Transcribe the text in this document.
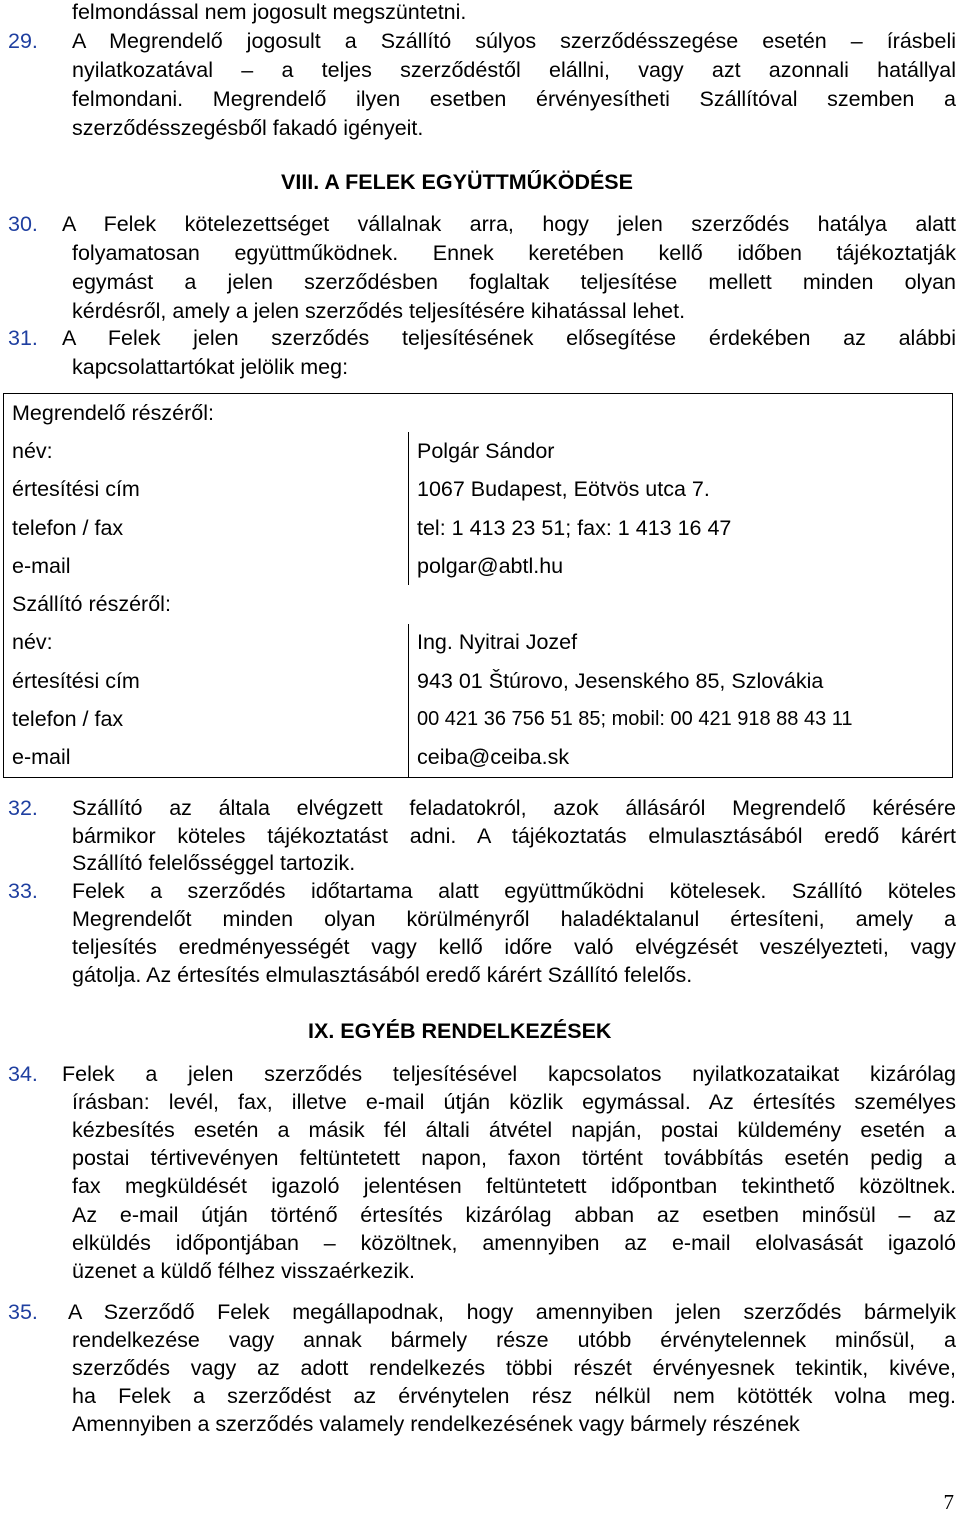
felmondással nem jogosult megszüntetni.
29. A Megrendelő jogosult a Szállító súlyos szerződésszegése esetén – írásbeli
nyilatkozatával – a teljes szerződéstől elállni, vagy azt azonnali hatállyal
felmondani. Megrendelő ilyen esetben érvényesítheti Szállítóval szemben a
szerződésszegésből fakadó igényeit.
VIII. A FELEK EGYÜTTMŰKÖDÉSE
30. A Felek kötelezettséget vállalnak arra, hogy jelen szerződés hatálya alatt
folyamatosan együttműködnek. Ennek keretében kellő időben tájékoztatják
egymást a jelen szerződésben foglaltak teljesítése mellett minden olyan
kérdésről, amely a jelen szerződés teljesítésére kihatással lehet.
31. A Felek jelen szerződés teljesítésének elősegítése érdekében az alábbi
kapcsolattartókat jelölik meg:
Megrendelő részéről:	
név:	Polgár Sándor
értesítési cím	1067 Budapest, Eötvös utca 7.
telefon / fax	tel: 1 413 23 51; fax: 1 413 16 47
e-mail	polgar@abtl.hu
Szállító részéről:	
név:	Ing. Nyitrai Jozef
értesítési cím	943 01 Štúrovo, Jesenského 85, Szlovákia
telefon / fax	00 421 36 756 51 85; mobil: 00 421 918 88 43 11
e-mail	ceiba@ceiba.sk
32. Szállító az általa elvégzett feladatokról, azok állásáról Megrendelő kérésére
bármikor köteles tájékoztatást adni. A tájékoztatás elmulasztásából eredő kárért
Szállító felelősséggel tartozik.
33. Felek a szerződés időtartama alatt együttműködni kötelesek. Szállító köteles
Megrendelőt minden olyan körülményről haladéktalanul értesíteni, amely a
teljesítés eredményességét vagy kellő időre való elvégzését veszélyezteti, vagy
gátolja. Az értesítés elmulasztásából eredő kárért Szállító felelős.
IX. EGYÉB RENDELKEZÉSEK
34. Felek a jelen szerződés teljesítésével kapcsolatos nyilatkozataikat kizárólag
írásban: levél, fax, illetve e-mail útján közlik egymással. Az értesítés személyes
kézbesítés esetén a másik fél általi átvétel napján, postai küldemény esetén a
postai tértivevényen feltüntetett napon, faxon történt továbbítás esetén pedig a
fax megküldését igazoló jelentésen feltüntetett időpontban tekinthető közöltnek.
Az e-mail útján történő értesítés kizárólag abban az esetben minősül – az
elküldés időpontjában – közöltnek, amennyiben az e-mail elolvasását igazoló
üzenet a küldő félhez visszaérkezik.
35. A Szerződő Felek megállapodnak, hogy amennyiben jelen szerződés bármelyik
rendelkezése vagy annak bármely része utóbb érvénytelennek minősül, a
szerződés vagy az adott rendelkezés többi részét érvényesnek tekintik, kivéve,
ha Felek a szerződést az érvénytelen rész nélkül nem kötötték volna meg.
Amennyiben a szerződés valamely rendelkezésének vagy bármely részének
7
